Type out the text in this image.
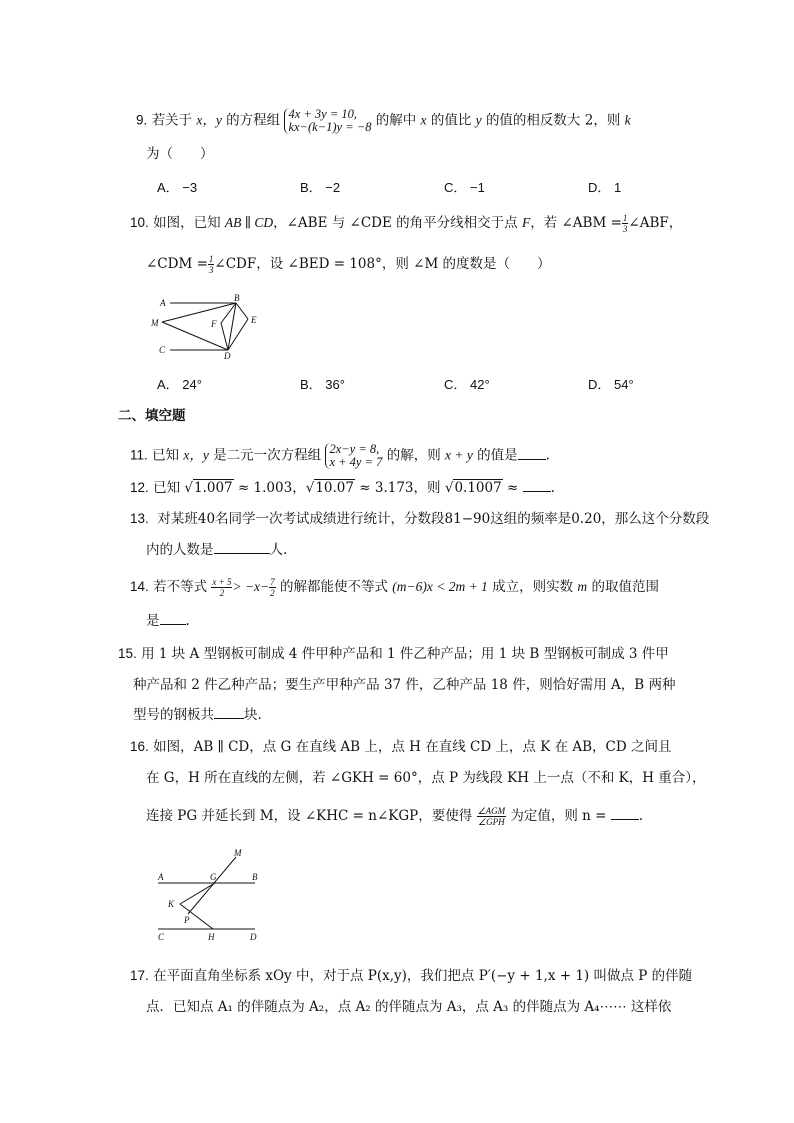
9. 若关于 x，y 的方程组 4x + 3y = 10,
kx−(k−1)y = −8 的解中 x 的值比 y 的值的相反数大 2，则 k
为（　　）
A． −3	B． −2	C． −1	D． 1
10. 如图，已知 AB ∥ CD，∠ABE 与 ∠CDE 的角平分线相交于点 F，若 ∠ABM = $\frac{1}{3}$ ∠ABF，
∠CDM = $\frac{1}{3}$ ∠CDF，设 ∠BED = 108°，则 ∠M 的度数是（　　）
A	B
M	F	E
C
D
A． 24°	B． 36°	C． 42°	D． 54°
二、填空题
11. 已知 x，y 是二元一次方程组 2x−y = 8,
x + 4y = 7 的解，则 x + y 的值是 .
12. 已知 √1.007 ≈ 1.003，√10.07 ≈ 3.173，则 √0.1007 ≈ .
13. 对某班40名同学一次考试成绩进行统计，分数段81−90这组的频率是0.20，那么这个分数段
内的人数是	人.
14. 若不等式 $\frac{x + 5}{2} > -x- \frac{7}{2}$ 的解都能使不等式 (m−6)x < 2m + 1 成立，则实数 m 的取值范围
是 .
15. 用 1 块 A 型钢板可制成 4 件甲种产品和 1 件乙种产品；用 1 块 B 型钢板可制成 3 件甲
种产品和 2 件乙种产品；要生产甲种产品 37 件，乙种产品 18 件，则恰好需用 A，B 两种
型号的钢板共 块.
16. 如图，AB ∥ CD，点 G 在直线 AB 上，点 H 在直线 CD 上，点 K 在 AB，CD 之间且
在 G，H 所在直线的左侧，若 ∠GKH = 60°，点 P 为线段 KH 上一点（不和 K，H 重合），
连接 PG 并延长到 M，设 ∠KHC = n∠KGP，要使得 $\frac{\text{∠AGM}}{\text{∠GPH}}$ 为定值，则 n = .
M
A	G	B
K
P
C	H	D
17. 在平面直角坐标系 xOy 中，对于点 P(x,y)，我们把点 P′(−y + 1,x + 1) 叫做点 P 的伴随
点．已知点 A₁ 的伴随点为 A₂，点 A₂ 的伴随点为 A₃，点 A₃ 的伴随点为 A₄⋯⋯ 这样依
